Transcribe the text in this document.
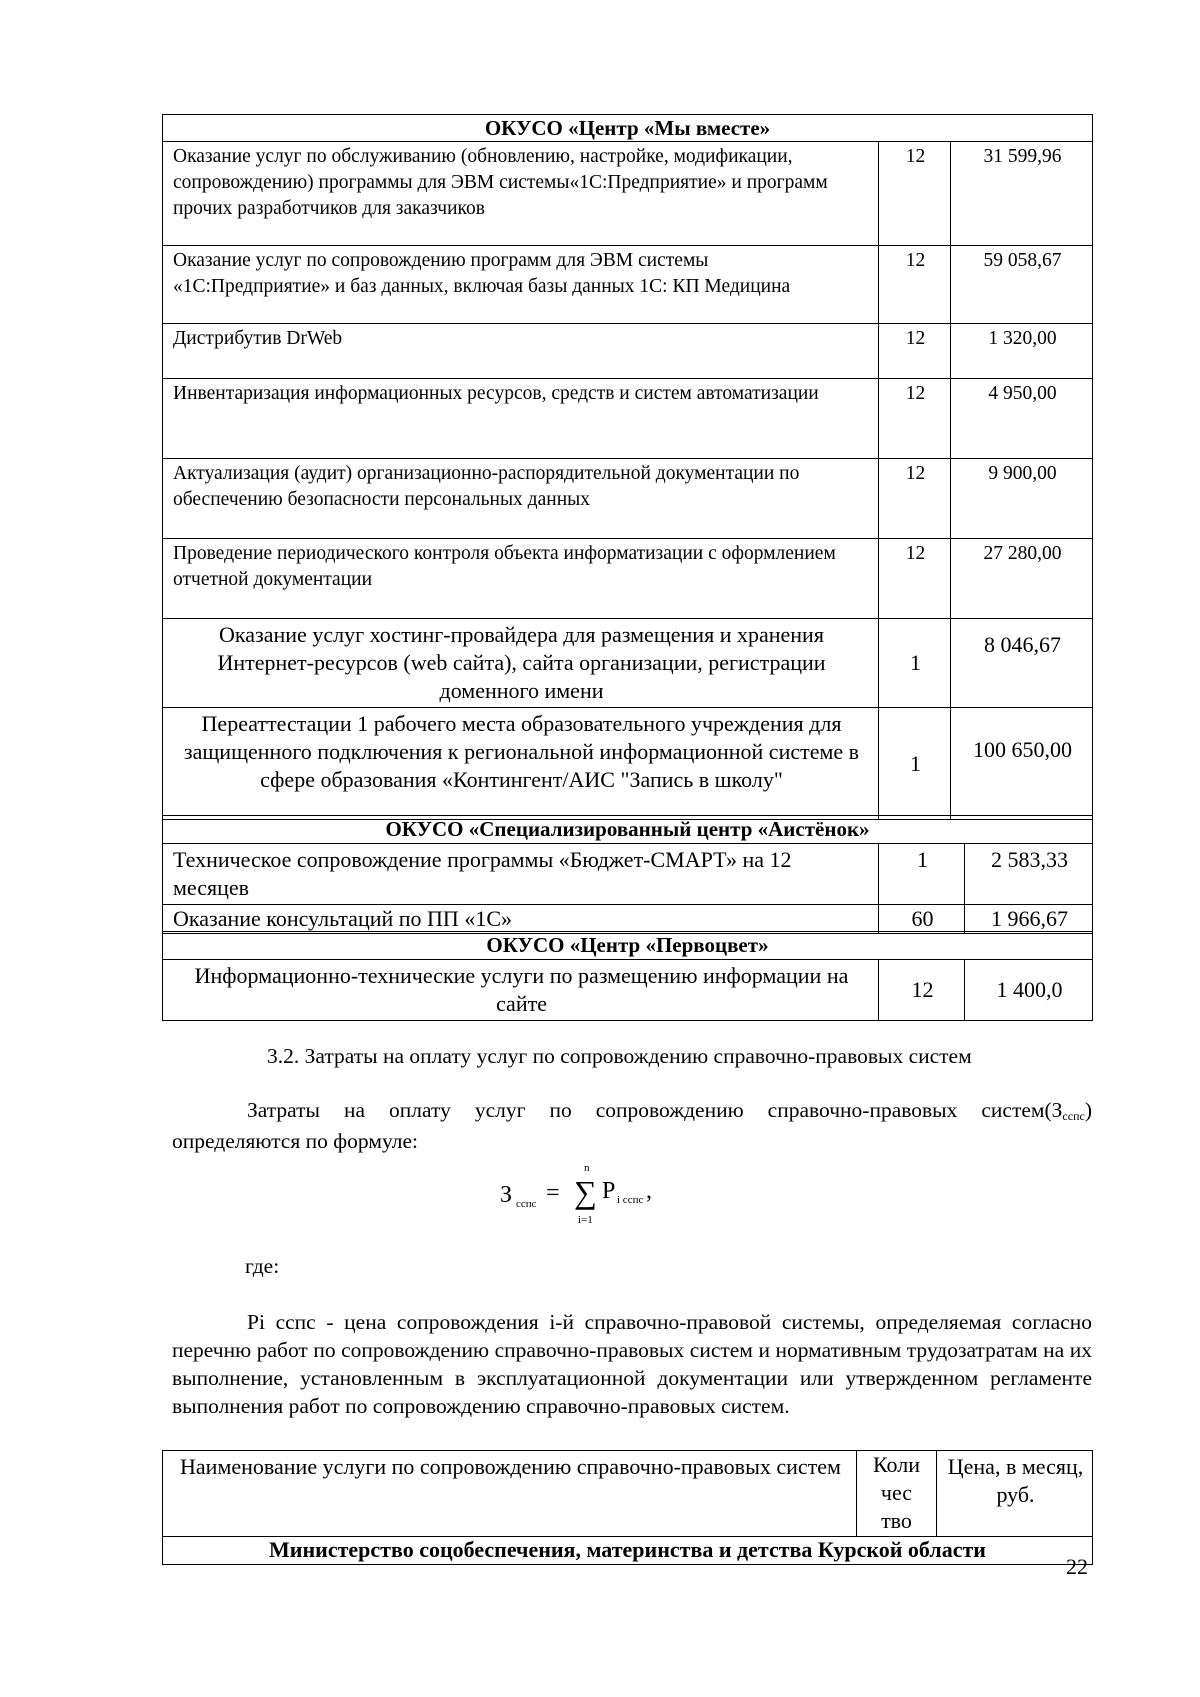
ОКУСО «Центр «Мы вместе»		
Оказание услуг по обслуживанию (обновлению, настройке, модификации, сопровождению) программы для ЭВМ системы«1С:Предприятие» и программ прочих разработчиков для заказчиков	12	31 599,96
Оказание услуг по сопровождению программ для ЭВМ системы «1С:Предприятие» и баз данных, включая базы данных 1С: КП Медицина	12	59 058,67
Дистрибутив DrWeb	12	1 320,00
Инвентаризация информационных ресурсов, средств и систем автоматизации	12	4 950,00
Актуализация (аудит) организационно-распорядительной документации по обеспечению безопасности персональных данных	12	9 900,00
Проведение периодического контроля объекта информатизации с оформлением отчетной документации	12	27 280,00
Оказание услуг хостинг-провайдера для размещения и хранения Интернет-ресурсов (web сайта), сайта организации, регистрации доменного имени	1	8 046,67
Переаттестации 1 рабочего места образовательного учреждения для защищенного подключения к региональной информационной системе в сфере образования «Контингент/АИС "Запись в школу"	1	100 650,00
ОКУСО «Специализированный центр «Аистёнок»		
Техническое сопровождение программы «Бюджет-СМАРТ» на 12 месяцев	1	2 583,33
Оказание консультаций по ПП «1С»	60	1 966,67
ОКУСО «Центр «Первоцвет»
Информационно-технические услуги по размещению информации на сайте	12	1 400,0
3.2. Затраты на оплату услуг по сопровождению справочно-правовых систем
Затраты на оплату услуг по сопровождению справочно-правовых систем(Зсспс) определяются по формуле:
З сспс =
n
∑
i=1
P i сспс ,
где:
Pi сспс - цена сопровождения i-й справочно-правовой системы, определяемая согласно перечню работ по сопровождению справочно-правовых систем и нормативным трудозатратам на их выполнение, установленным в эксплуатационной документации или утвержденном регламенте выполнения работ по сопровождению справочно-правовых систем.
Наименование услуги по сопровождению справочно-правовых систем	Коли чес тво	Цена, в месяц, руб.
Министерство соцобеспечения, материнства и детства Курской области
22
